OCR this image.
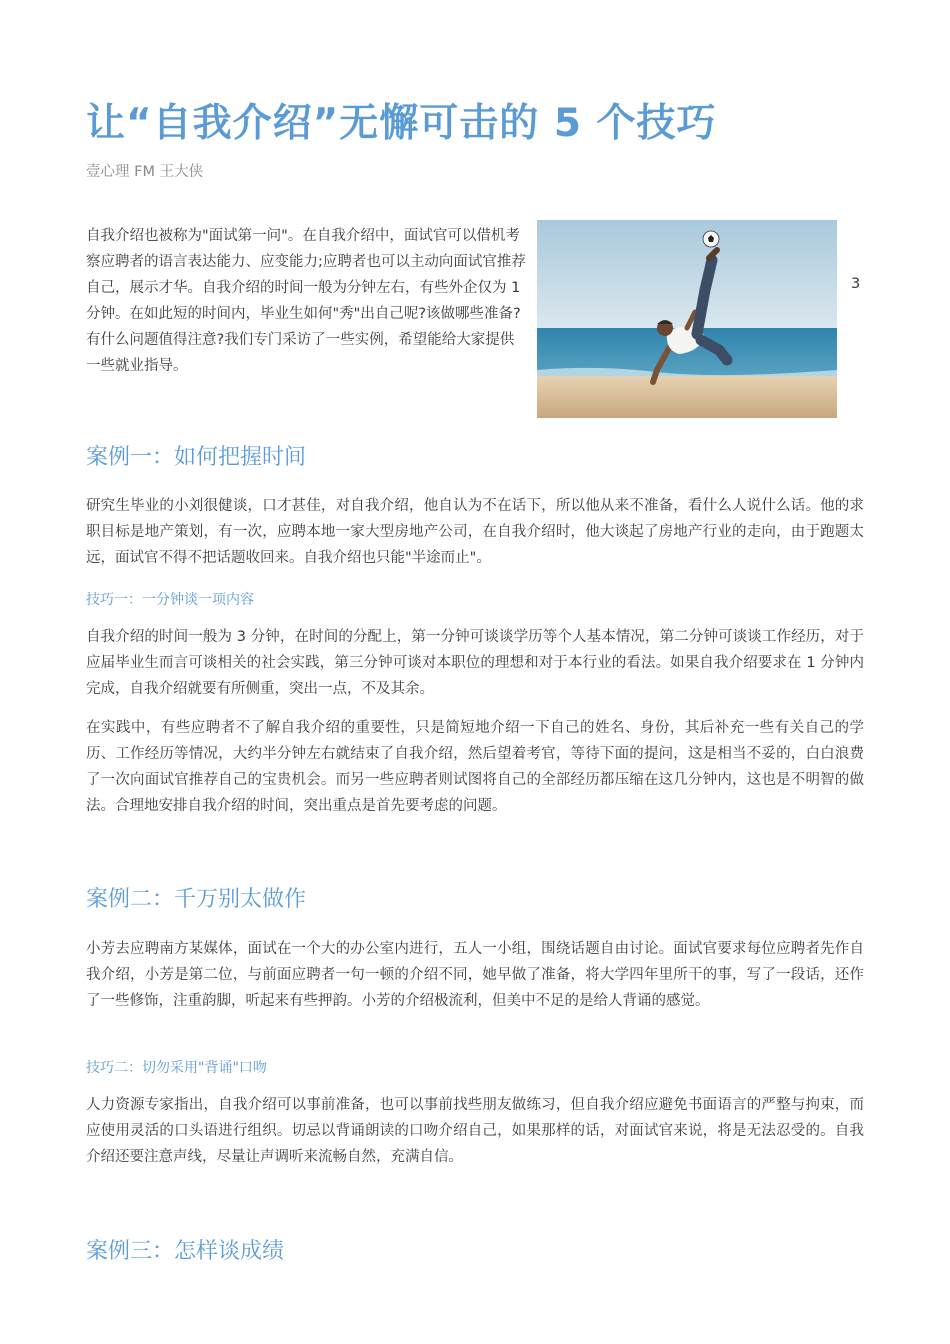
让“自我介绍”无懈可击的 5 个技巧
壹心理 FM 王大侠

自我介绍也被称为"面试第一问"。在自我介绍中，面试官可以借机考察应聘者的语言表达能力、应变能力;应聘者也可以主动向面试官推荐自己，展示才华。自我介绍的时间一般为分钟左右，有些外企仅为 1 分钟。在如此短的时间内，毕业生如何"秀"出自己呢?该做哪些准备?有什么问题值得注意?我们专门采访了一些实例，希望能给大家提供一些就业指导。

3
案例一：如何把握时间

研究生毕业的小刘很健谈，口才甚佳，对自我介绍，他自认为不在话下，所以他从来不准备，看什么人说什么话。他的求职目标是地产策划，有一次，应聘本地一家大型房地产公司，在自我介绍时，他大谈起了房地产行业的走向，由于跑题太远，面试官不得不把话题收回来。自我介绍也只能"半途而止"。

技巧一：一分钟谈一项内容

自我介绍的时间一般为 3 分钟，在时间的分配上，第一分钟可谈谈学历等个人基本情况，第二分钟可谈谈工作经历，对于应届毕业生而言可谈相关的社会实践，第三分钟可谈对本职位的理想和对于本行业的看法。如果自我介绍要求在 1 分钟内完成，自我介绍就要有所侧重，突出一点，不及其余。

在实践中，有些应聘者不了解自我介绍的重要性，只是简短地介绍一下自己的姓名、身份，其后补充一些有关自己的学历、工作经历等情况，大约半分钟左右就结束了自我介绍，然后望着考官，等待下面的提问，这是相当不妥的，白白浪费了一次向面试官推荐自己的宝贵机会。而另一些应聘者则试图将自己的全部经历都压缩在这几分钟内，这也是不明智的做法。合理地安排自我介绍的时间，突出重点是首先要考虑的问题。

案例二：千万别太做作

小芳去应聘南方某媒体，面试在一个大的办公室内进行，五人一小组，围绕话题自由讨论。面试官要求每位应聘者先作自我介绍，小芳是第二位，与前面应聘者一句一顿的介绍不同，她早做了准备，将大学四年里所干的事，写了一段话，还作了一些修饰，注重韵脚，听起来有些押韵。小芳的介绍极流利，但美中不足的是给人背诵的感觉。

技巧二：切勿采用"背诵"口吻

人力资源专家指出，自我介绍可以事前准备，也可以事前找些朋友做练习，但自我介绍应避免书面语言的严整与拘束，而应使用灵活的口头语进行组织。切忌以背诵朗读的口吻介绍自己，如果那样的话，对面试官来说，将是无法忍受的。自我介绍还要注意声线，尽量让声调听来流畅自然，充满自信。

案例三：怎样谈成绩
